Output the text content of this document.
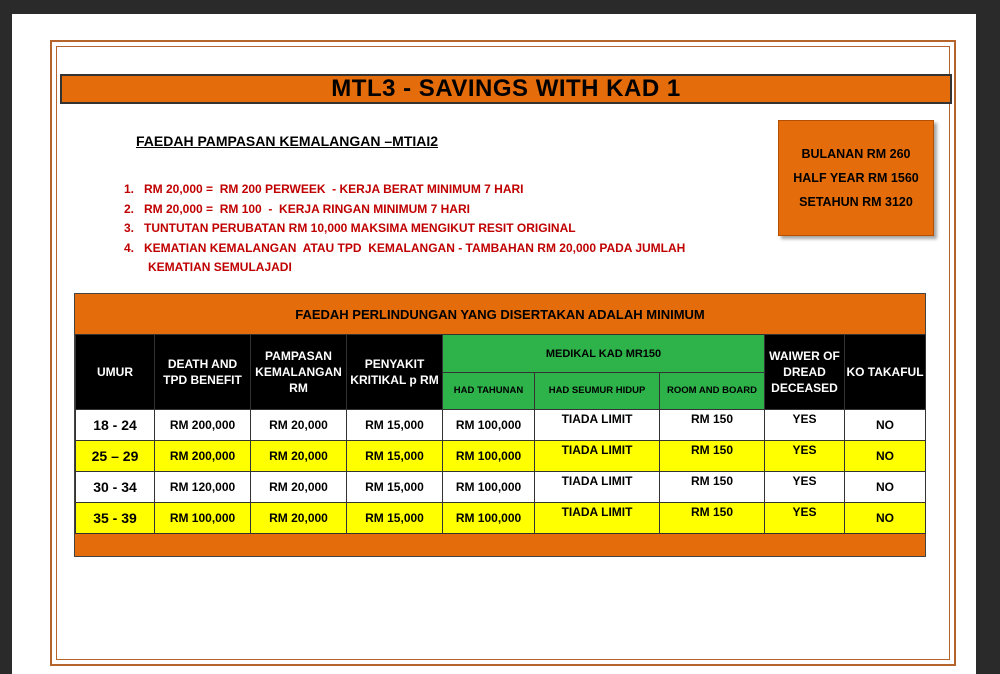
MTL3 - SAVINGS WITH KAD 1
FAEDAH PAMPASAN KEMALANGAN –MTIAI2
BULANAN RM 260
HALF YEAR RM 1560
SETAHUN RM 3120
1. RM 20,000 =  RM 200 PERWEEK  - KERJA BERAT MINIMUM 7 HARI
2. RM 20,000 =  RM 100  -  KERJA RINGAN MINIMUM 7 HARI
3. TUNTUTAN PERUBATAN RM 10,000 MAKSIMA MENGIKUT RESIT ORIGINAL
4. KEMATIAN KEMALANGAN  ATAU TPD  KEMALANGAN - TAMBAHAN RM 20,000 PADA JUMLAH
KEMATIAN SEMULAJADI
FAEDAH PERLINDUNGAN YANG DISERTAKAN ADALAH MINIMUM
UMUR	DEATH AND TPD BENEFIT	PAMPASAN KEMALANGAN RM	PENYAKIT KRITIKAL p RM	MEDIKAL KAD MR150			WAIWER OF DREAD DECEASED	KO TAKAFUL
				HAD TAHUNAN	HAD SEUMUR HIDUP	ROOM AND BOARD		
18 - 24	RM 200,000	RM 20,000	RM 15,000	RM 100,000	TIADA LIMIT	RM 150	YES	NO
25 – 29	RM 200,000	RM 20,000	RM 15,000	RM 100,000	TIADA LIMIT	RM 150	YES	NO
30 - 34	RM 120,000	RM 20,000	RM 15,000	RM 100,000	TIADA LIMIT	RM 150	YES	NO
35 - 39	RM 100,000	RM 20,000	RM 15,000	RM 100,000	TIADA LIMIT	RM 150	YES	NO
